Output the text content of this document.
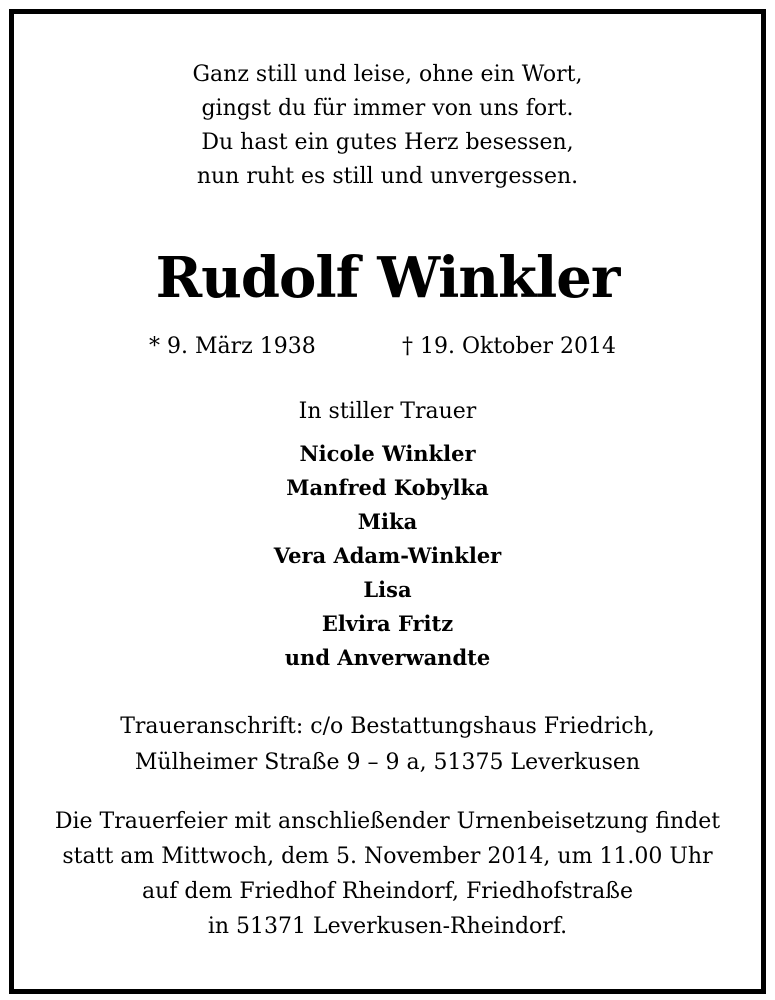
Ganz still und leise, ohne ein Wort,
gingst du für immer von uns fort.
Du hast ein gutes Herz besessen,
nun ruht es still und unvergessen.
Rudolf Winkler
* 9. März 1938	† 19. Oktober 2014
In stiller Trauer
Nicole Winkler
Manfred Kobylka
Mika
Vera Adam-Winkler
Lisa
Elvira Fritz
und Anverwandte
Traueranschrift: c/o Bestattungshaus Friedrich,
Mülheimer Straße 9 – 9 a, 51375 Leverkusen
Die Trauerfeier mit anschließender Urnenbeisetzung findet
statt am Mittwoch, dem 5. November 2014, um 11.00 Uhr
auf dem Friedhof Rheindorf, Friedhofstraße
in 51371 Leverkusen-Rheindorf.
